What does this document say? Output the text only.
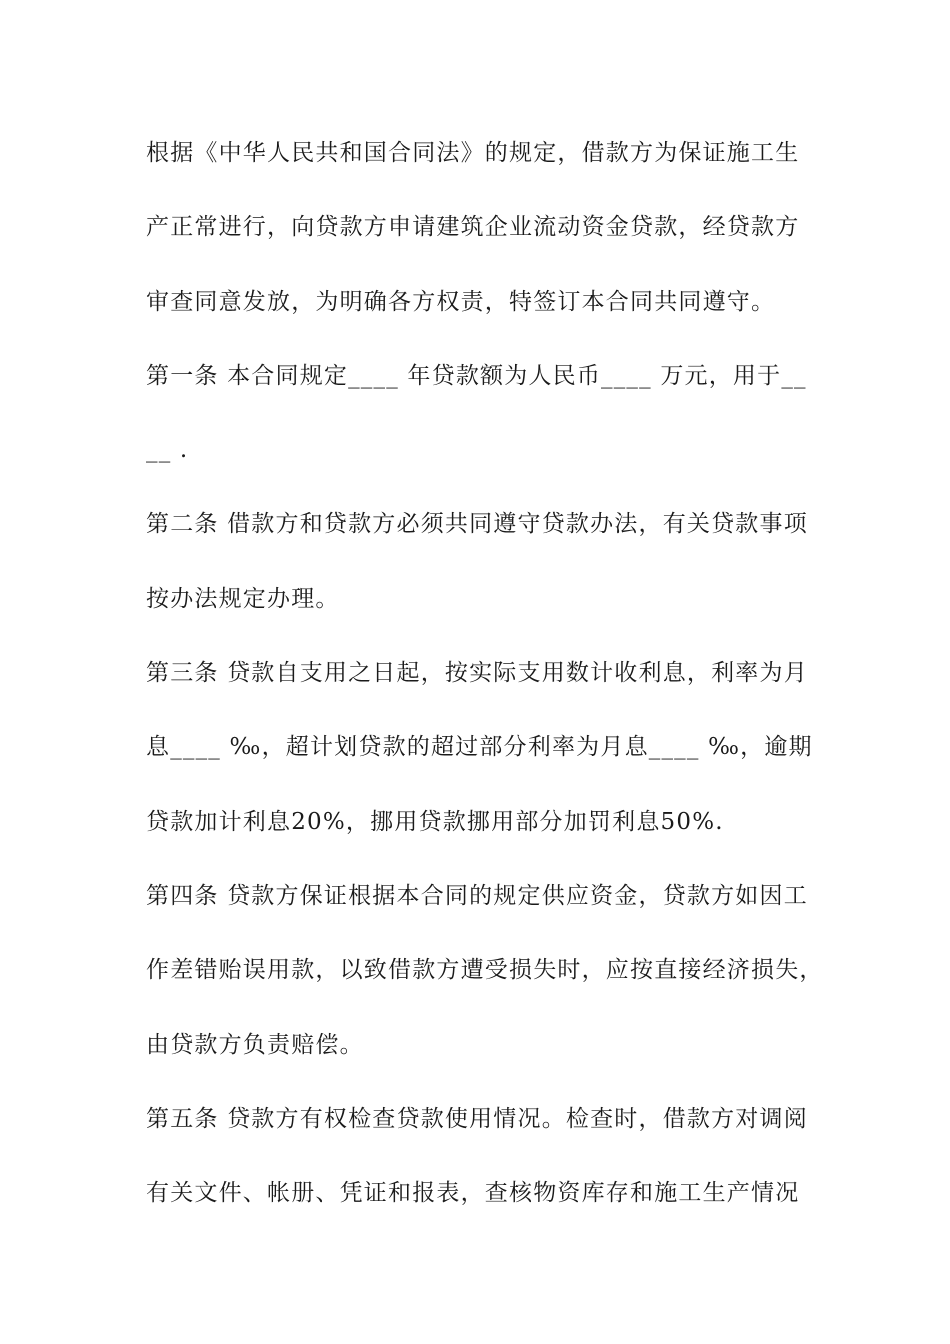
根据《中华人民共和国合同法》的规定，借款方为保证施工生
产正常进行，向贷款方申请建筑企业流动资金贷款，经贷款方
审查同意发放，为明确各方权责，特签订本合同共同遵守。
第一条 本合同规定____ 年贷款额为人民币____ 万元，用于__
__ .
第二条 借款方和贷款方必须共同遵守贷款办法，有关贷款事项
按办法规定办理。
第三条 贷款自支用之日起，按实际支用数计收利息，利率为月
息____ ‰，超计划贷款的超过部分利率为月息____ ‰，逾期
贷款加计利息20%，挪用贷款挪用部分加罚利息50%.
第四条 贷款方保证根据本合同的规定供应资金，贷款方如因工
作差错贻误用款，以致借款方遭受损失时，应按直接经济损失，
由贷款方负责赔偿。
第五条 贷款方有权检查贷款使用情况。检查时，借款方对调阅
有关文件、帐册、凭证和报表，查核物资库存和施工生产情况
